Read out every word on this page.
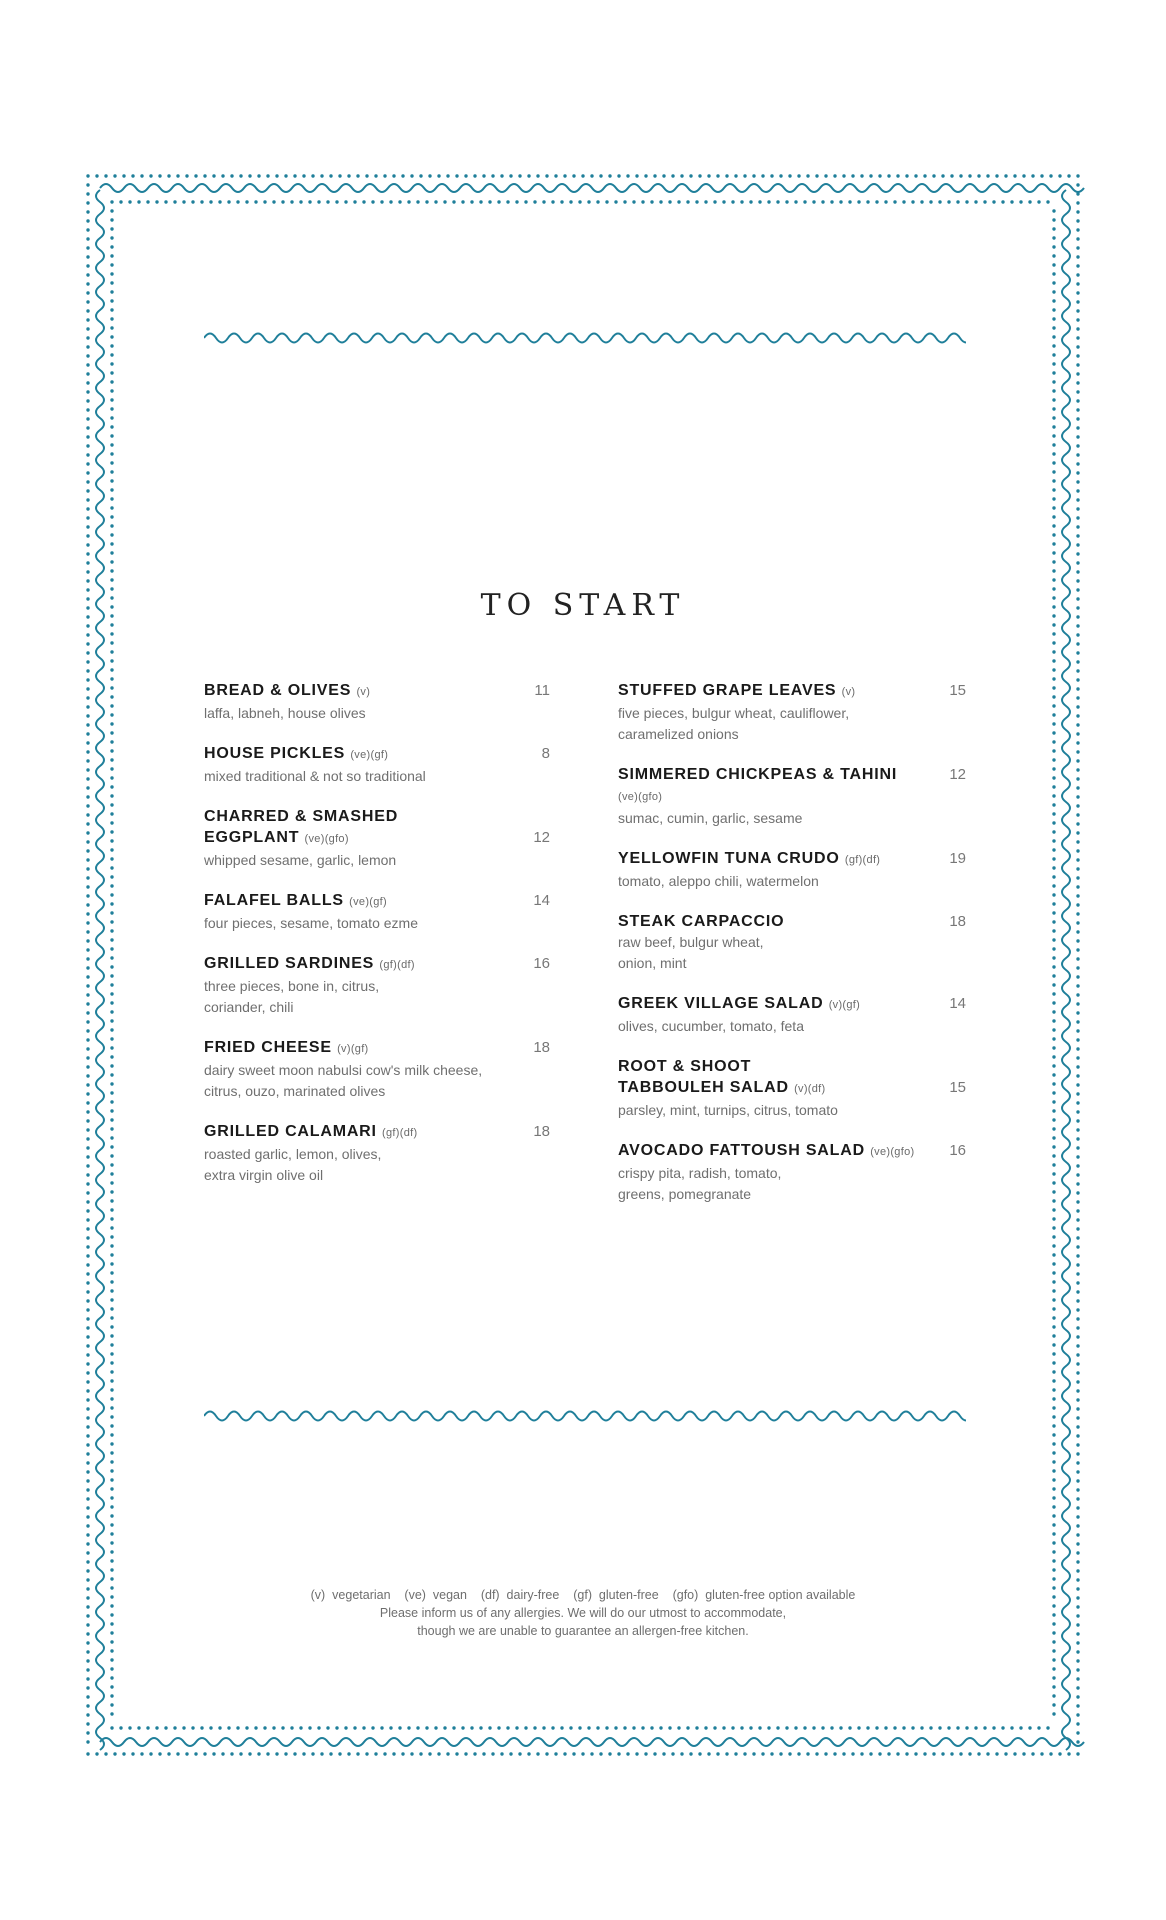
TO START
11
BREAD & OLIVES (v)
laffa, labneh, house olives
8
HOUSE PICKLES (ve)(gf)
mixed traditional & not so traditional
12
CHARRED & SMASHED
EGGPLANT (ve)(gfo)
whipped sesame, garlic, lemon
14
FALAFEL BALLS (ve)(gf)
four pieces, sesame, tomato ezme
16
GRILLED SARDINES (gf)(df)
three pieces, bone in, citrus,
coriander, chili
18
FRIED CHEESE (v)(gf)
dairy sweet moon nabulsi cow's milk cheese,
citrus, ouzo, marinated olives
18
GRILLED CALAMARI (gf)(df)
roasted garlic, lemon, olives,
extra virgin olive oil
15
STUFFED GRAPE LEAVES (v)
five pieces, bulgur wheat, cauliflower,
caramelized onions
12
SIMMERED CHICKPEAS & TAHINI (ve)(gfo)
sumac, cumin, garlic, sesame
19
YELLOWFIN TUNA CRUDO (gf)(df)
tomato, aleppo chili, watermelon
18
STEAK CARPACCIO
raw beef, bulgur wheat,
onion, mint
14
GREEK VILLAGE SALAD (v)(gf)
olives, cucumber, tomato, feta
15
ROOT & SHOOT
TABBOULEH SALAD (v)(df)
parsley, mint, turnips, citrus, tomato
16
AVOCADO FATTOUSH SALAD (ve)(gfo)
crispy pita, radish, tomato,
greens, pomegranate
(v)  vegetarian    (ve)  vegan    (df)  dairy-free    (gf)  gluten-free    (gfo)  gluten-free option available
Please inform us of any allergies. We will do our utmost to accommodate,
though we are unable to guarantee an allergen-free kitchen.
